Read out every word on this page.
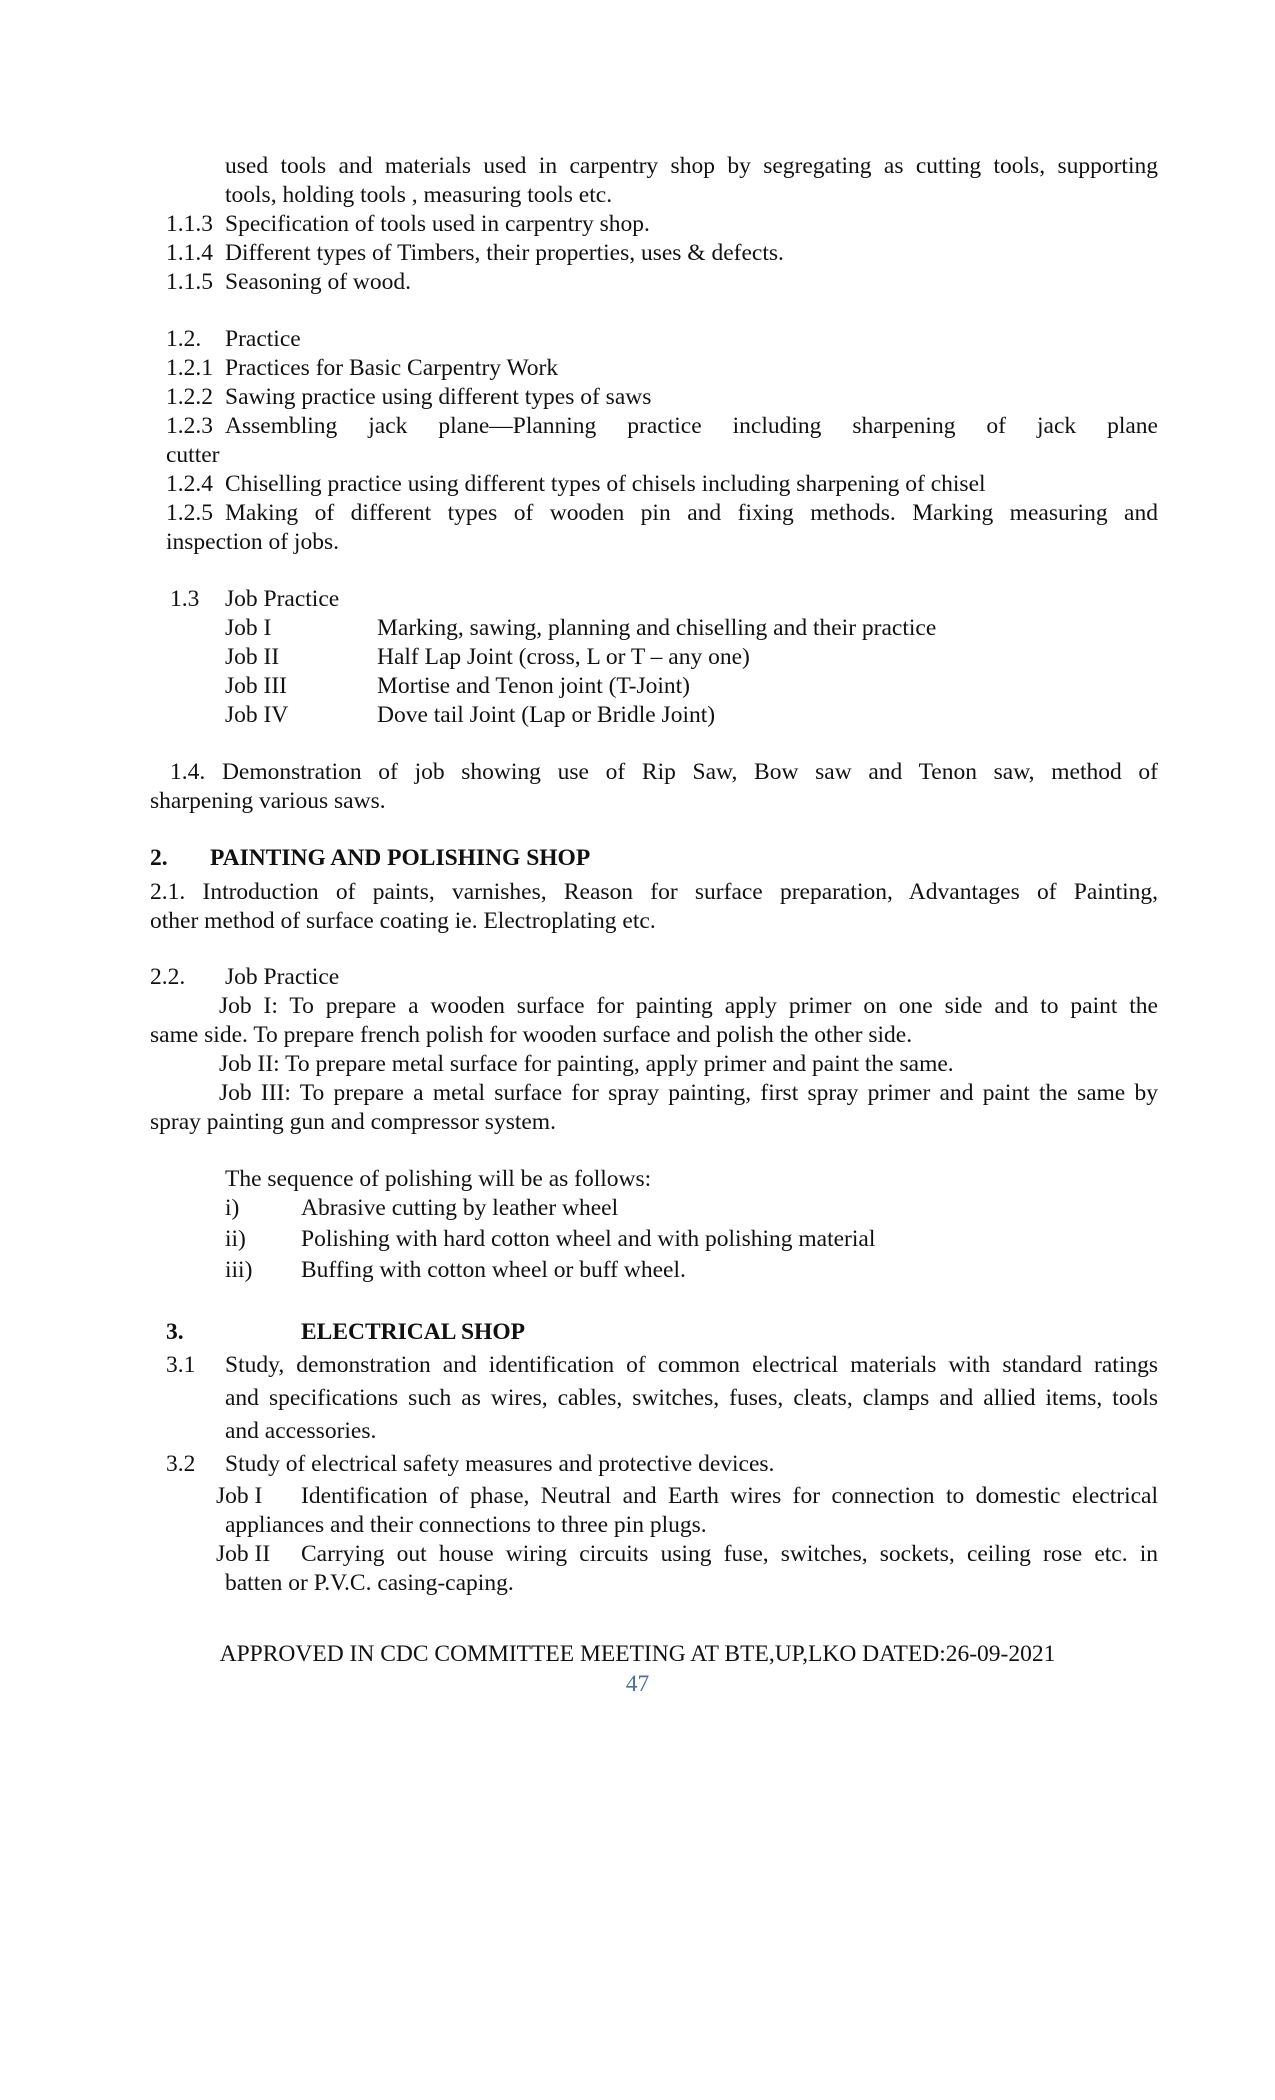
used tools and materials used in carpentry shop by segregating as cutting tools, supporting
tools, holding tools , measuring tools etc.
1.1.3 Specification of tools used in carpentry shop.
1.1.4 Different types of Timbers, their properties, uses & defects.
1.1.5 Seasoning of wood.
1.2. Practice
1.2.1 Practices for Basic Carpentry Work
1.2.2 Sawing practice using different types of saws
1.2.3 Assembling jack plane—Planning practice including sharpening of jack plane
cutter
1.2.4 Chiselling practice using different types of chisels including sharpening of chisel
1.2.5 Making of different types of wooden pin and fixing methods. Marking measuring and
inspection of jobs.
1.3 Job Practice
Job I	Marking, sawing, planning and chiselling and their practice
Job II	Half Lap Joint (cross, L or T – any one)
Job III	Mortise and Tenon joint (T-Joint)
Job IV	Dove tail Joint (Lap or Bridle Joint)
1.4. Demonstration of job showing use of Rip Saw, Bow saw and Tenon saw, method of
sharpening various saws.
2. PAINTING AND POLISHING SHOP
2.1. Introduction of paints, varnishes, Reason for surface preparation, Advantages of Painting,
other method of surface coating ie. Electroplating etc.
2.2. Job Practice
Job I: To prepare a wooden surface for painting apply primer on one side and to paint the
same side. To prepare french polish for wooden surface and polish the other side.
Job II: To prepare metal surface for painting, apply primer and paint the same.
Job III: To prepare a metal surface for spray painting, first spray primer and paint the same by
spray painting gun and compressor system.
The sequence of polishing will be as follows:
i)	Abrasive cutting by leather wheel
ii) Polishing with hard cotton wheel and with polishing material
iii) Buffing with cotton wheel or buff wheel.
3.	ELECTRICAL SHOP
3.1 Study, demonstration and identification of common electrical materials with standard ratings
and specifications such as wires, cables, switches, fuses, cleats, clamps and allied items, tools
and accessories.
3.2 Study of electrical safety measures and protective devices.
Job I Identification of phase, Neutral and Earth wires for connection to domestic electrical
appliances and their connections to three pin plugs.
Job II Carrying out house wiring circuits using fuse, switches, sockets, ceiling rose etc. in
batten or P.V.C. casing-caping.
APPROVED IN CDC COMMITTEE MEETING AT BTE,UP,LKO DATED:26-09-2021
47
